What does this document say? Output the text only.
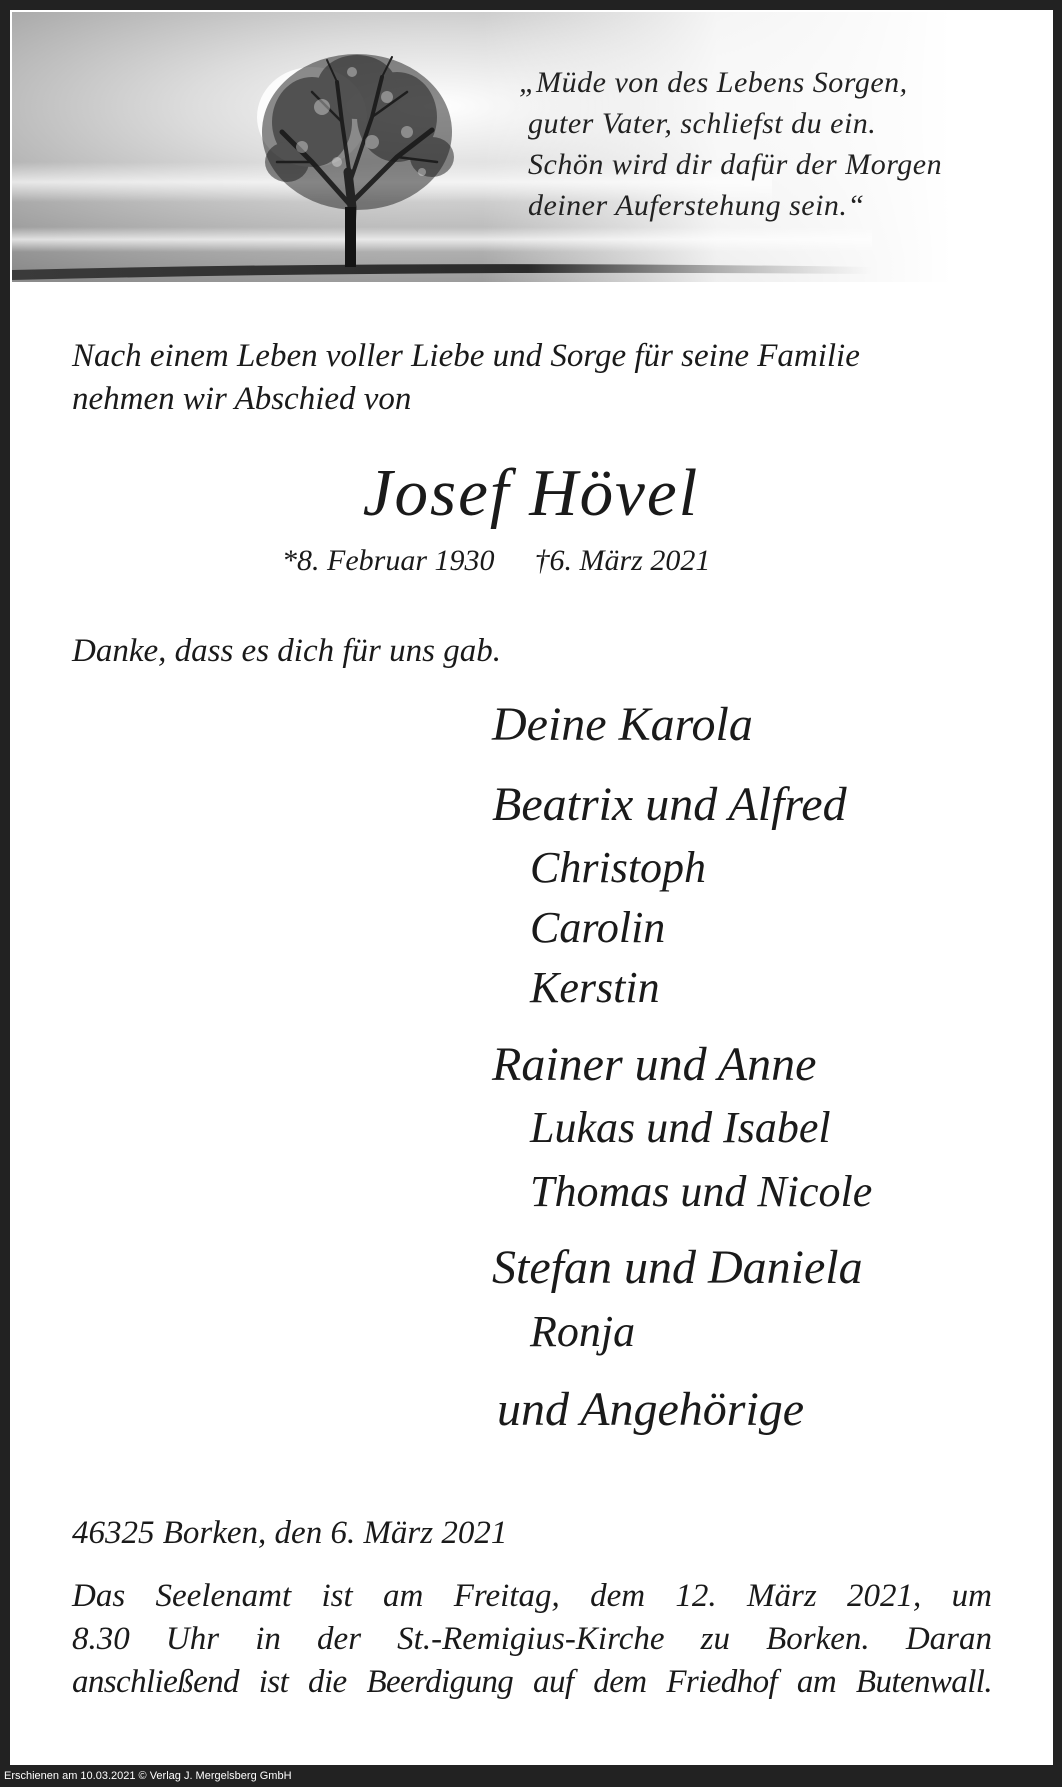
Erschienen am 10.03.2021 © Verlag J. Mergelsberg GmbH
„Müde von des Lebens Sorgen,
guter Vater, schliefst du ein.
Schön wird dir dafür der Morgen
deiner Auferstehung sein.“
Nach einem Leben voller Liebe und Sorge für seine Familie
nehmen wir Abschied von
Josef Hövel
*8. Februar 1930 †6. März 2021
Danke, dass es dich für uns gab.
Deine Karola
Beatrix und Alfred
Christoph
Carolin
Kerstin
Rainer und Anne
Lukas und Isabel
Thomas und Nicole
Stefan und Daniela
Ronja
und Angehörige
46325 Borken, den 6. März 2021
Das Seelenamt ist am Freitag, dem 12. März 2021, um
8.30 Uhr in der St.-Remigius-Kirche zu Borken. Daran
anschließend ist die Beerdigung auf dem Friedhof am Butenwall.
